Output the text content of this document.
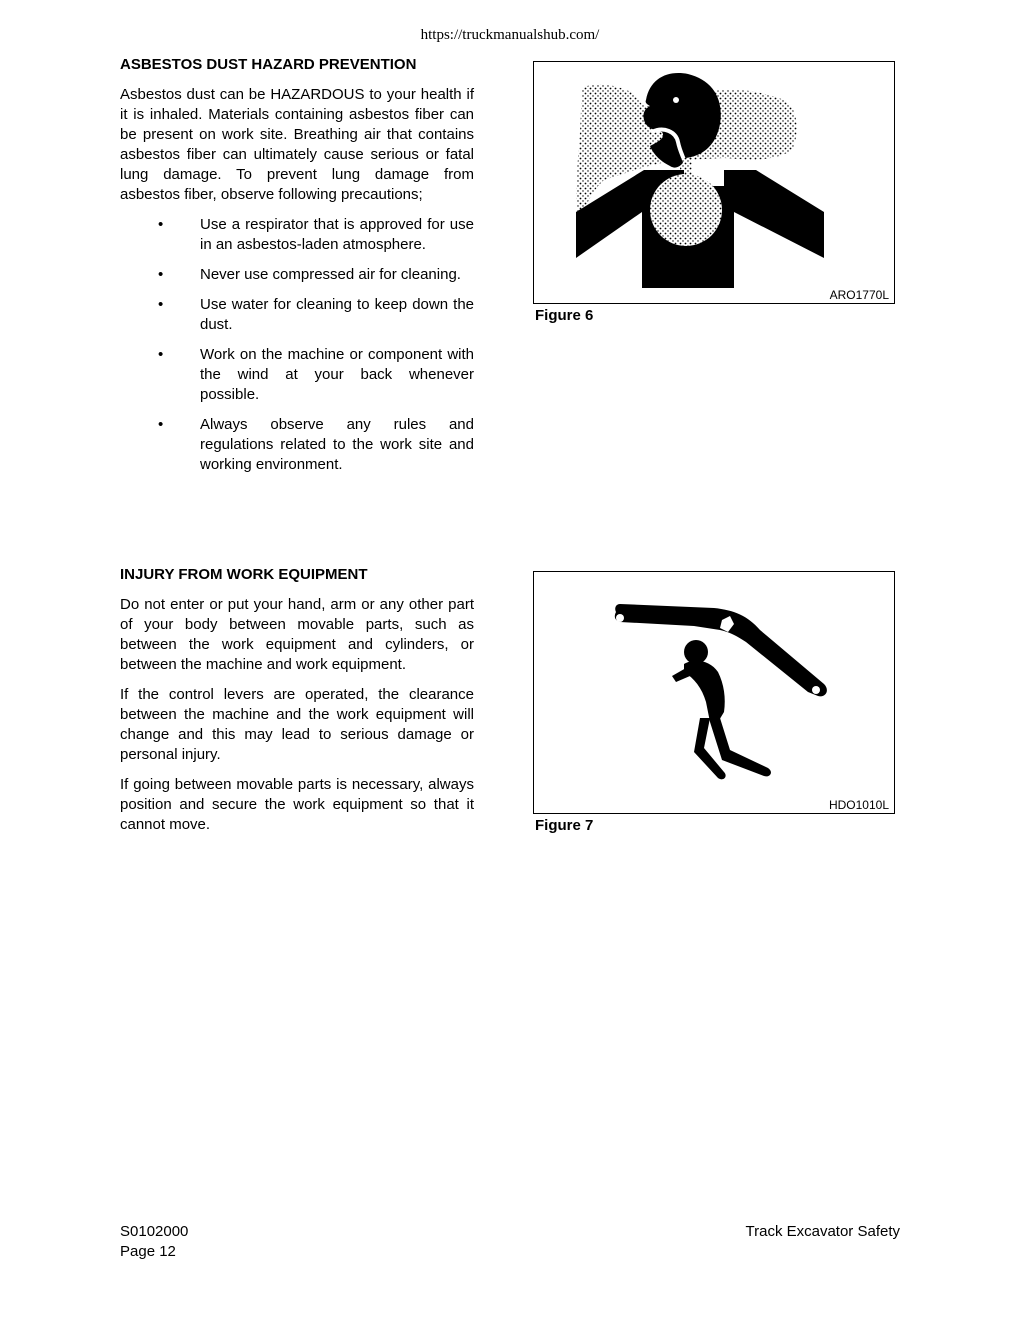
https://truckmanualshub.com/
ASBESTOS DUST HAZARD PREVENTION
Asbestos dust can be HAZARDOUS to your health if it is inhaled. Materials containing asbestos fiber can be present on work site. Breathing air that contains asbestos fiber can ultimately cause serious or fatal lung damage. To prevent lung damage from asbestos fiber, observe following precautions;
• Use a respirator that is approved for use in an asbestos-laden atmosphere.
• Never use compressed air for cleaning.
• Use water for cleaning to keep down the dust.
• Work on the machine or component with the wind at your back whenever possible.
• Always observe any rules and regulations related to the work site and working environment.
ARO1770L
Figure 6
INJURY FROM WORK EQUIPMENT
Do not enter or put your hand, arm or any other part of your body between movable parts, such as between the work equipment and cylinders, or between the machine and work equipment.
If the control levers are operated, the clearance between the machine and the work equipment will change and this may lead to serious damage or personal injury.
If going between movable parts is necessary, always position and secure the work equipment so that it cannot move.
HDO1010L
Figure 7
S0102000
Page 12
Track Excavator Safety
